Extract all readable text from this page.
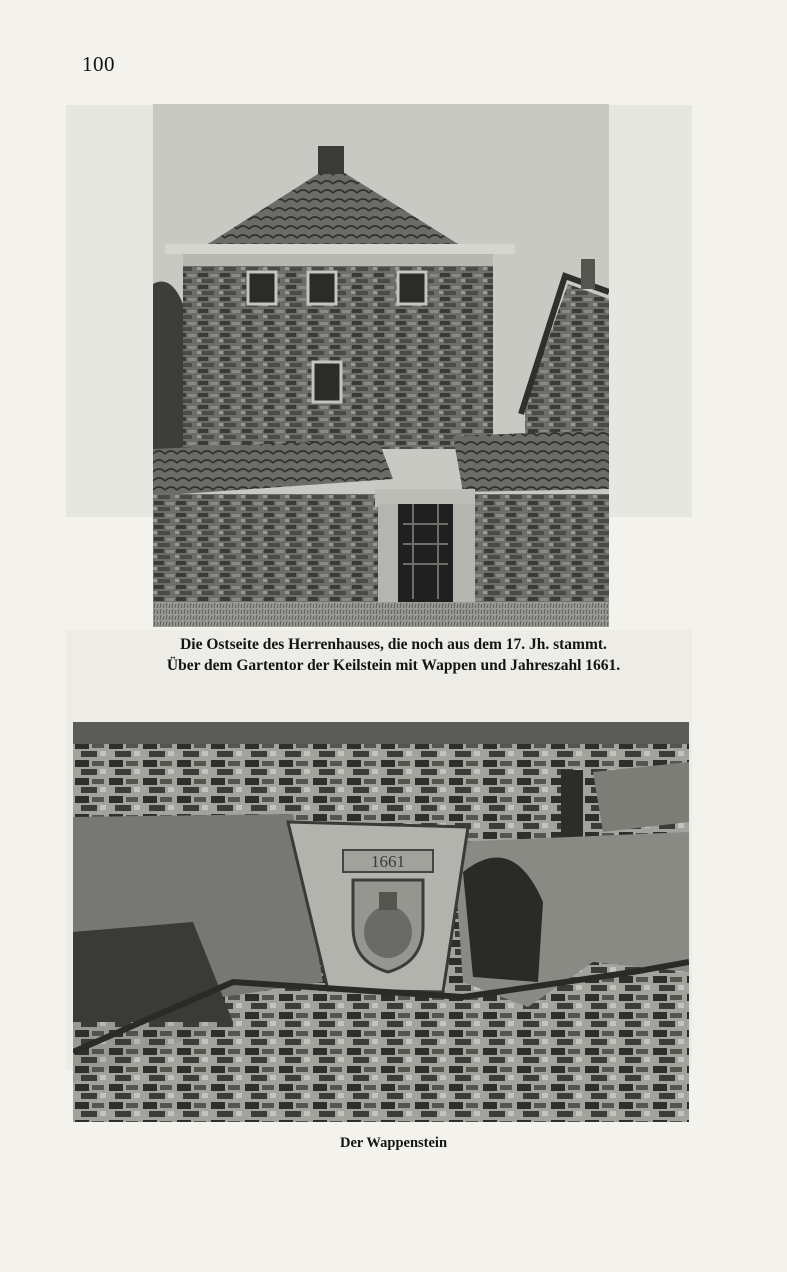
100
Die Ostseite des Herrenhauses, die noch aus dem 17. Jh. stammt.
Über dem Gartentor der Keilstein mit Wappen und Jahreszahl 1661.
1661
Der Wappenstein
